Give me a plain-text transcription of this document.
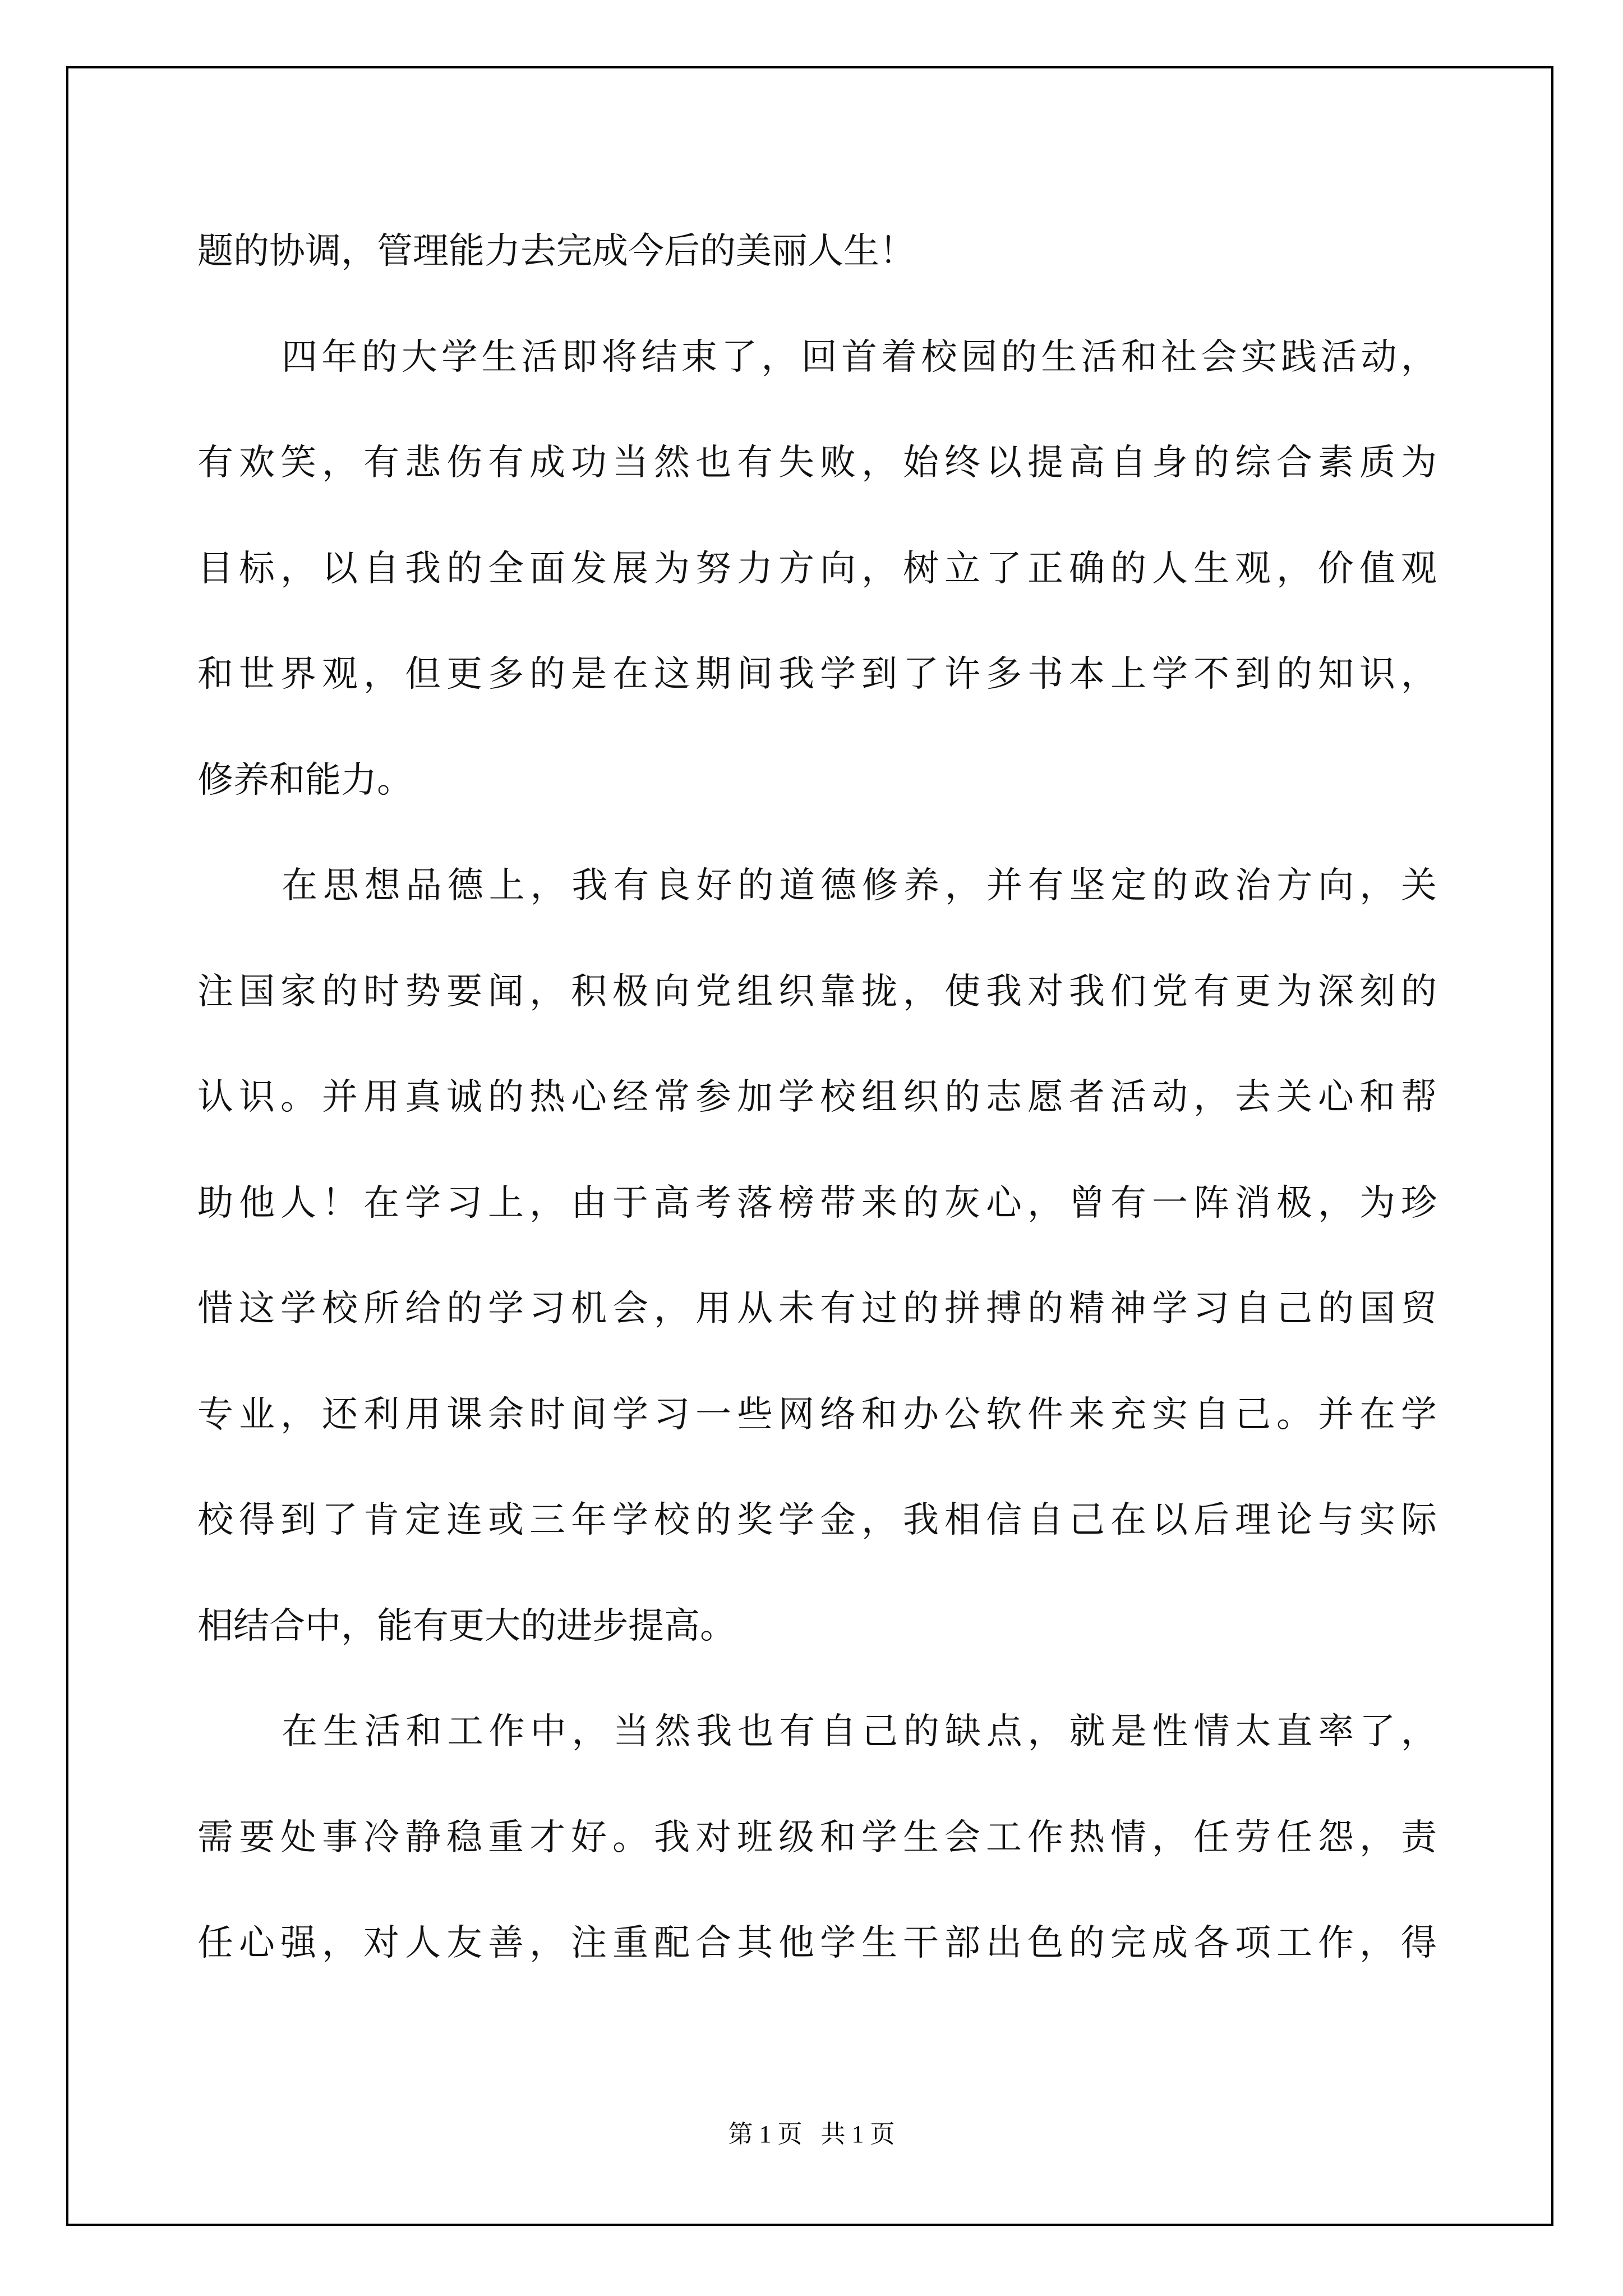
题的协调，管理能力去完成今后的美丽人生！
四年的大学生活即将结束了，回首着校园的生活和社会实践活动，
有欢笑，有悲伤有成功当然也有失败，始终以提高自身的综合素质为
目标，以自我的全面发展为努力方向，树立了正确的人生观，价值观
和世界观，但更多的是在这期间我学到了许多书本上学不到的知识，
修养和能力。
在思想品德上，我有良好的道德修养，并有坚定的政治方向，关
注国家的时势要闻，积极向党组织靠拢，使我对我们党有更为深刻的
认识。并用真诚的热心经常参加学校组织的志愿者活动，去关心和帮
助他人！在学习上，由于高考落榜带来的灰心，曾有一阵消极，为珍
惜这学校所给的学习机会，用从未有过的拼搏的精神学习自己的国贸
专业，还利用课余时间学习一些网络和办公软件来充实自己。并在学
校得到了肯定连或三年学校的奖学金，我相信自己在以后理论与实际
相结合中，能有更大的进步提高。
在生活和工作中，当然我也有自己的缺点，就是性情太直率了，
需要处事冷静稳重才好。我对班级和学生会工作热情，任劳任怨，责
任心强，对人友善，注重配合其他学生干部出色的完成各项工作，得
第 1 页   共 1 页
